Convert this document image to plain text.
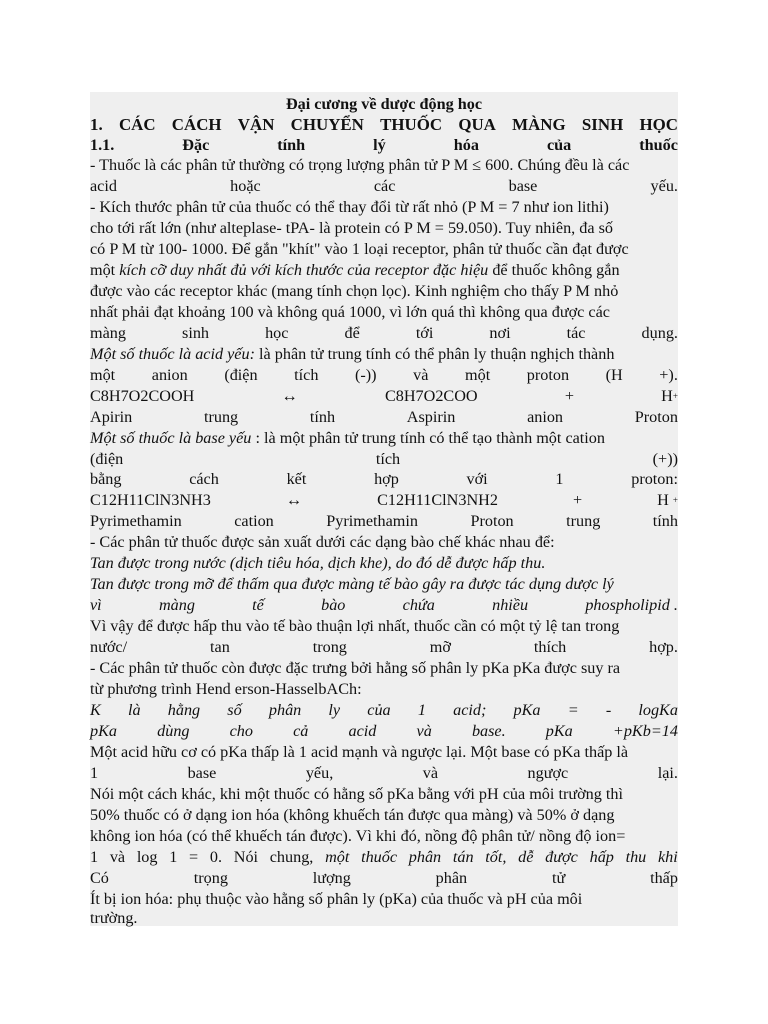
Đại cương về dược động học
1. CÁC CÁCH VẬN CHUYỂN THUỐC QUA MÀNG SINH HỌC
1.1.	Đặc	tính	lý	hóa	của	thuốc
- Thuốc là các phân tử thường có trọng lượng phân tử P M ≤ 600. Chúng đều là các
acid	hoặc	các	base	yếu.
- Kích thước phân tử của thuốc có thể thay đổi từ rất nhỏ (P M = 7 như ion lithi)
cho tới rất lớn (như alteplase- tPA- là protein có P M = 59.050). Tuy nhiên, đa số
có P M từ 100- 1000. Để gắn "khít" vào 1 loại receptor, phân tử thuốc cần đạt được
một kích cỡ duy nhất đủ với kích thước của receptor đặc hiệu để thuốc không gắn
được vào các receptor khác (mang tính chọn lọc). Kinh nghiệm cho thấy P M nhỏ
nhất phải đạt khoảng 100 và không quá 1000, vì lớn quá thì không qua được các
màng	sinh	học	để	tới	nơi	tác	dụng.
Một số thuốc là acid yếu: là phân tử trung tính có thể phân ly thuận nghịch thành
một anion (điện tích (-)) và một proton (H +).
C8H7O2COOH	↔	C8H7O2COO	+	H+
Apirin	trung	tính	Aspirin	anion	Proton
Một số thuốc là base yếu : là một phân tử trung tính có thể tạo thành một cation
(điện	tích	(+))
bằng	cách	kết	hợp	với	1	proton:
C12H11ClN3NH3	↔	C12H11ClN3NH2	+	H +
Pyrimethamin	cation	Pyrimethamin	Proton	trung	tính
- Các phân tử thuốc được sản xuất dưới các dạng bào chế khác nhau để:
Tan được trong nước (dịch tiêu hóa, dịch khe), do đó dễ được hấp thu.
Tan được trong mỡ để thấm qua được màng tế bào gây ra được tác dụng dược lý
vì	màng	tế	bào	chứa	nhiều	phospholipid .
Vì vậy để được hấp thu vào tế bào thuận lợi nhất, thuốc cần có một tỷ lệ tan trong
nước/	tan	trong	mỡ	thích	hợp.
- Các phân tử thuốc còn được đặc trưng bởi hằng số phân ly pKa pKa được suy ra
từ phương trình Hend erson-HasselbACh:
K là hằng số phân ly của 1 acid; pKa = - logKa
pKa dùng cho cả acid và base. pKa +pKb=14
Một acid hữu cơ có pKa thấp là 1 acid mạnh và ngược lại. Một base có pKa thấp là
1	base	yếu,	và	ngược	lại.
Nói một cách khác, khi một thuốc có hằng số pKa bằng với pH của môi trường thì
50% thuốc có ở dạng ion hóa (không khuếch tán được qua màng) và 50% ở dạng
không ion hóa (có thể khuếch tán được). Vì khi đó, nồng độ phân tử/ nồng độ ion=
1 và log 1 = 0. Nói chung, một thuốc phân tán tốt, dễ được hấp thu khi
Có	trọng	lượng	phân	tử	thấp
Ít bị ion hóa: phụ thuộc vào hằng số phân ly (pKa) của thuốc và pH của môi
trường.
